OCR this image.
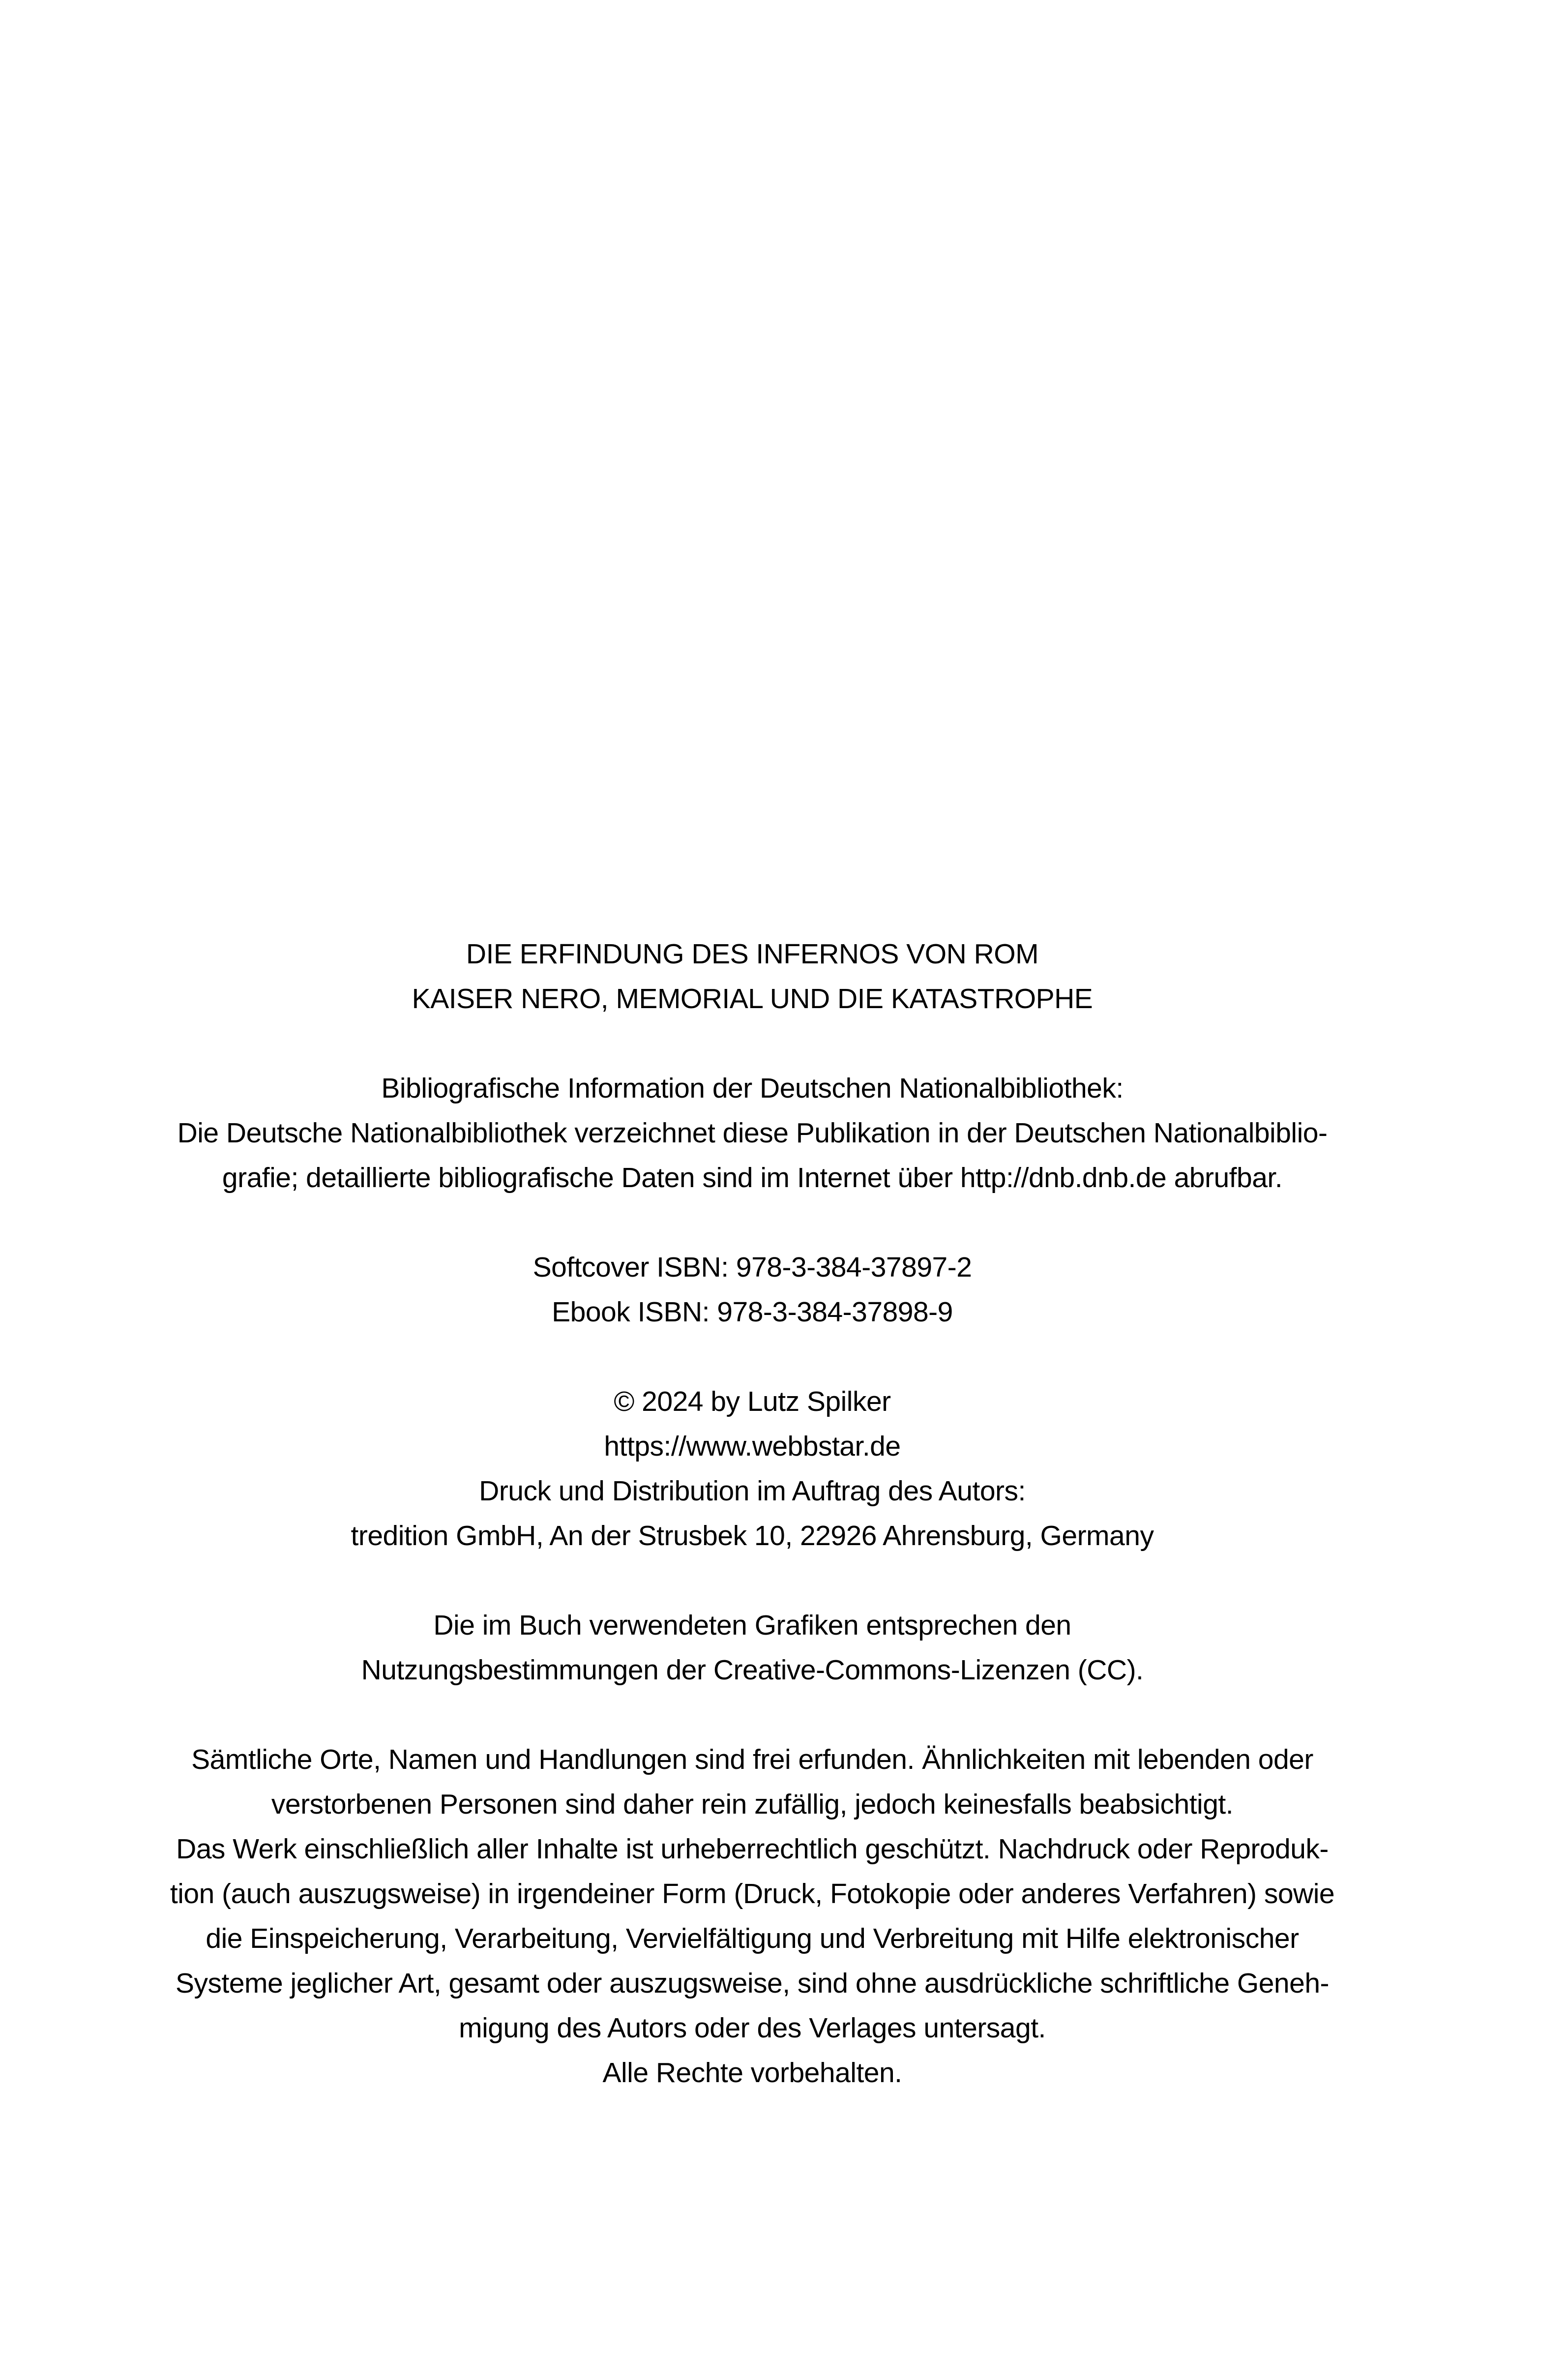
DIE ERFINDUNG DES INFERNOS VON ROM
KAISER NERO, MEMORIAL UND DIE KATASTROPHE
Bibliografische Information der Deutschen Nationalbibliothek:
Die Deutsche Nationalbibliothek verzeichnet diese Publikation in der Deutschen Nationalbiblio-
grafie; detaillierte bibliografische Daten sind im Internet über http://dnb.dnb.de abrufbar.
Softcover ISBN: 978-3-384-37897-2
Ebook ISBN: 978-3-384-37898-9
© 2024 by Lutz Spilker
https://www.webbstar.de
Druck und Distribution im Auftrag des Autors:
tredition GmbH, An der Strusbek 10, 22926 Ahrensburg, Germany
Die im Buch verwendeten Grafiken entsprechen den
Nutzungsbestimmungen der Creative-Commons-Lizenzen (CC).
Sämtliche Orte, Namen und Handlungen sind frei erfunden. Ähnlichkeiten mit lebenden oder
verstorbenen Personen sind daher rein zufällig, jedoch keinesfalls beabsichtigt.
Das Werk einschließlich aller Inhalte ist urheberrechtlich geschützt. Nachdruck oder Reproduk-
tion (auch auszugsweise) in irgendeiner Form (Druck, Fotokopie oder anderes Verfahren) sowie
die Einspeicherung, Verarbeitung, Vervielfältigung und Verbreitung mit Hilfe elektronischer
Systeme jeglicher Art, gesamt oder auszugsweise, sind ohne ausdrückliche schriftliche Geneh-
migung des Autors oder des Verlages untersagt.
Alle Rechte vorbehalten.
